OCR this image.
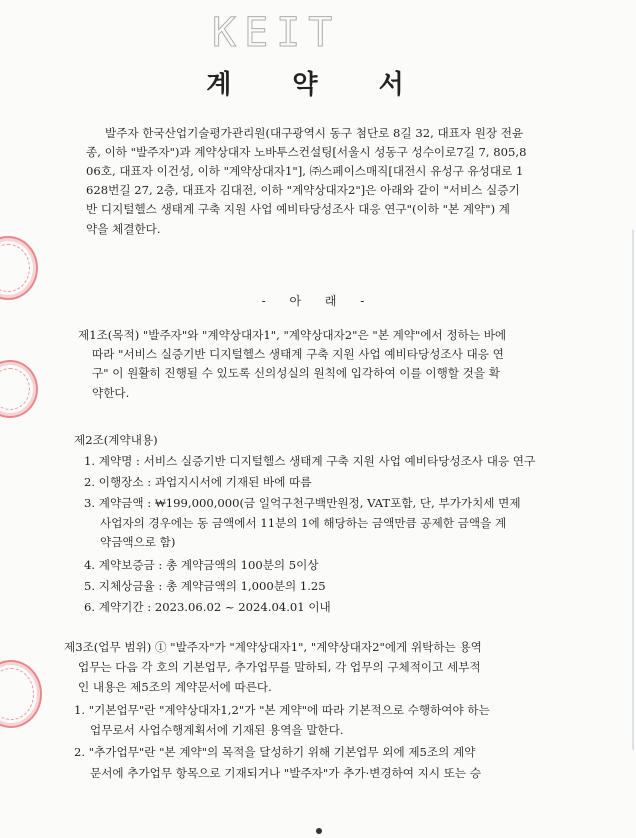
KEIT
계 약 서
발주자 한국산업기술평가관리원(대구광역시 동구 첨단로 8길 32, 대표자 원장 전윤
종, 이하 "발주자")과 계약상대자 노바투스컨설팅[서울시 성동구 성수이로7길 7, 805,8
06호, 대표자 이건성, 이하 "계약상대자1"], ㈜스페이스매직[대전시 유성구 유성대로 1
628번길 27, 2층, 대표자 김대전, 이하 "계약상대자2"]은 아래와 같이 "서비스 실증기
반 디지털헬스 생태계 구축 지원 사업 예비타당성조사 대응 연구"(이하 "본 계약") 계
약을 체결한다.
- 아 래 -
제1조(목적) "발주자"와 "계약상대자1", "계약상대자2"은 "본 계약"에서 정하는 바에
따라 "서비스 실증기반 디지털헬스 생태계 구축 지원 사업 예비타당성조사 대응 연
구" 이 원활히 진행될 수 있도록 신의성실의 원칙에 입각하여 이를 이행할 것을 확
약한다.
제2조(계약내용)
1. 계약명 : 서비스 실증기반 디지털헬스 생태계 구축 지원 사업 예비타당성조사 대응 연구
2. 이행장소 : 과업지시서에 기재된 바에 따름
3. 계약금액 : ₩199,000,000(금 일억구천구백만원정, VAT포함, 단, 부가가치세 면제
사업자의 경우에는 동 금액에서 11분의 1에 해당하는 금액만큼 공제한 금액을 계
약금액으로 함)
4. 계약보증금 : 총 계약금액의 100분의 5이상
5. 지체상금율 : 총 계약금액의 1,000분의 1.25
6. 계약기간 : 2023.06.02 ~ 2024.04.01 이내
제3조(업무 범위) ① "발주자"가 "계약상대자1", "계약상대자2"에게 위탁하는 용역
업무는 다음 각 호의 기본업무, 추가업무를 말하되, 각 업무의 구체적이고 세부적
인 내용은 제5조의 계약문서에 따른다.
1. "기본업무"란 "계약상대자1,2"가 "본 계약"에 따라 기본적으로 수행하여야 하는
업무로서 사업수행계획서에 기재된 용역을 말한다.
2. "추가업무"란 "본 계약"의 목적을 달성하기 위해 기본업무 외에 제5조의 계약
문서에 추가업무 항목으로 기재되거나 "발주자"가 추가·변경하여 지시 또는 승
